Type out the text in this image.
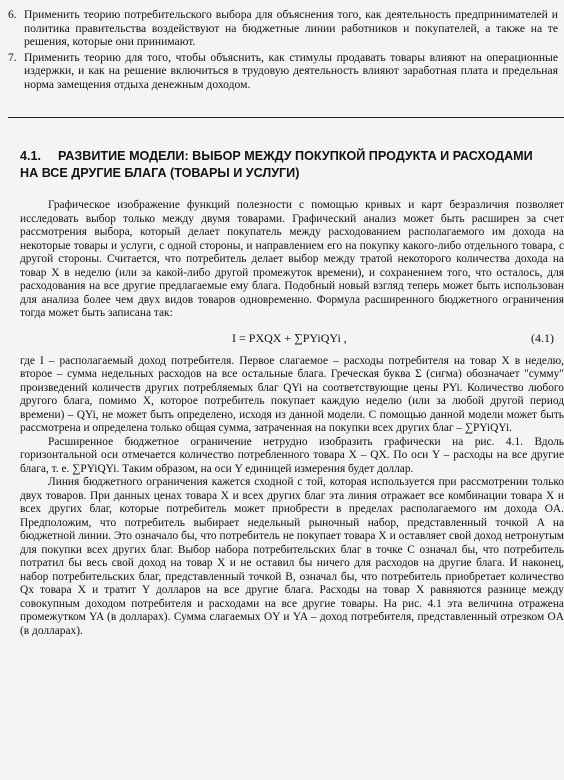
6. Применить теорию потребительского выбора для объяснения того, как деятельность предпринимателей и политика правительства воздействуют на бюджетные линии работников и покупателей, а также на те решения, которые они принимают.
7. Применить теорию для того, чтобы объяснить, как стимулы продавать товары влияют на операционные издержки, и как на решение включиться в трудовую деятельность влияют заработная плата и предельная норма замещения отдыха денежным доходом.
4.1. РАЗВИТИЕ МОДЕЛИ: ВЫБОР МЕЖДУ ПОКУПКОЙ ПРОДУКТА И РАСХОДАМИ НА ВСЕ ДРУГИЕ БЛАГА (ТОВАРЫ И УСЛУГИ)

Графическое изображение функций полезности с помощью кривых и карт безразличия позволяет исследовать выбор только между двумя товарами. Графический анализ может быть расширен за счет рассмотрения выбора, который делает покупатель между расходованием располагаемого им дохода на некоторые товары и услуги, с одной стороны, и направлением его на покупку какого-либо отдельного товара, с другой стороны. Считается, что потребитель делает выбор между тратой некоторого количества дохода на товар X в неделю (или за какой-либо другой промежуток времени), и сохранением того, что осталось, для расходования на все другие предлагаемые ему блага. Подобный новый взгляд теперь может быть использован для анализа более чем двух видов товаров одновременно. Формула расширенного бюджетного ограничения тогда может быть записана так:

I = PXQX + ∑PYiQYi ,	(4.1)

где I – располагаемый доход потребителя. Первое слагаемое – расходы потребителя на товар X в неделю, второе – сумма недельных расходов на все остальные блага. Греческая буква Σ (сигма) обозначает "сумму" произведений количеств других потребляемых благ QYi на соответствующие цены PYi. Количество любого другого блага, помимо X, которое потребитель покупает каждую неделю (или за любой другой период времени) – QYi, не может быть определено, исходя из данной модели. С помощью данной модели может быть рассмотрена и определена только общая сумма, затраченная на покупки всех других благ – ∑PYiQYi.

Расширенное бюджетное ограничение нетрудно изобразить графически на рис. 4.1. Вдоль горизонтальной оси отмечается количество потребленного товара X – QX. По оси Y – расходы на все другие блага, т. е. ∑PYiQYi. Таким образом, на оси Y единицей измерения будет доллар.

Линия бюджетного ограничения кажется сходной с той, которая используется при рассмотрении только двух товаров. При данных ценах товара X и всех других благ эта линия отражает все комбинации товара X и всех других благ, которые потребитель может приобрести в пределах располагаемого им дохода OA. Предположим, что потребитель выбирает недельный рыночный набор, представленный точкой A на бюджетной линии. Это означало бы, что потребитель не покупает товара X и оставляет свой доход нетронутым для покупки всех других благ. Выбор набора потребительских благ в точке C означал бы, что потребитель потратил бы весь свой доход на товар X и не оставил бы ничего для расходов на другие блага. И наконец, набор потребительских благ, представленный точкой B, означал бы, что потребитель приобретает количество Qx товара X и тратит Y долларов на все другие блага. Расходы на товар X равняются разнице между совокупным доходом потребителя и расходами на все другие товары. На рис. 4.1 эта величина отражена промежутком YA (в долларах). Сумма слагаемых OY и YA – доход потребителя, представленный отрезком OA (в долларах).
